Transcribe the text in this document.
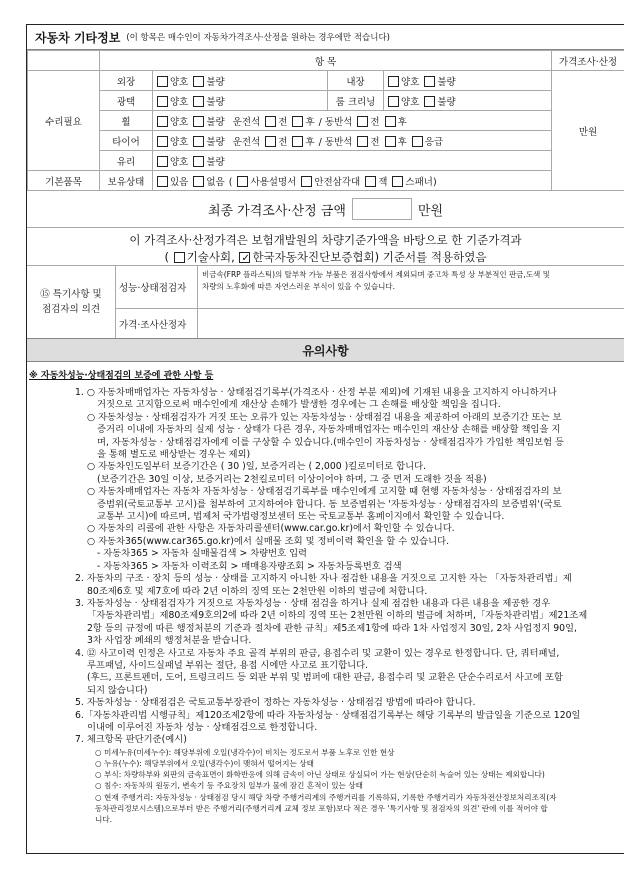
자동차 기타정보 (이 항목은 매수인이 자동차가격조사·산정을 원하는 경우에만 적습니다)
	항 목				가격조사·산정	
수리필요	외장	양호 불량	내장	양호 불량	만원	
	광택	양호 불량	룸 크리닝	양호 불량		
	휠	양호 불량 운전석 전 후 / 동반석 전 후				
	타이어	양호 불량 운전석 전 후 / 동반석 전 후 응급				
	유리	양호 불량				
기본품목	보유상태	있음 없음 ( 사용설명서 안전삼각대 잭 스패너)				
최종 가격조사·산정 금액	만원
이 가격조사·산정가격은 보험개발원의 차량기준가액을 바탕으로 한 기준가격과
( 기술사회, ✓ 한국자동차진단보증협회) 기준서를 적용하였음
⑮ 특기사항 및
점검자의 의견
성능·상태점검자
비금속(FRP 플라스틱)의 탈부착 가능 부품은 점검사항에서 제외되며 중고차 특성 상 부분적인 판금,도색 및
차량의 노후화에 따른 자연스러운 부식이 있을 수 있습니다.
가격·조사산정자
유의사항
※ 자동차성능·상태점검의 보증에 관한 사항 등
1. ○ 자동차매매업자는 자동차성능 · 상태점검기록부(가격조사 · 산정 부분 제외)에 기재된 내용을 고지하지 아니하거나
거짓으로 고지함으로써 매수인에게 재산상 손해가 발생한 경우에는 그 손해를 배상할 책임을 집니다.
○ 자동차성능 · 상태점검자가 거짓 또는 오류가 있는 자동차성능 · 상태점검 내용을 제공하여 아래의 보증기간 또는 보
증거리 이내에 자동차의 실제 성능 · 상태가 다른 경우, 자동차매매업자는 매수인의 재산상 손해를 배상할 책임을 지
며, 자동차성능 · 상태점검자에게 이를 구상할 수 있습니다.(매수인이 자동차성능 · 상태점검자가 가입한 책임보험 등
을 통해 별도로 배상받는 경우는 제외)
○ 자동차인도일부터 보증기간은 ( 30 )일, 보증거리는 ( 2,000 )킬로미터로 합니다.
(보증기간은 30일 이상, 보증거리는 2천킬로미터 이상이어야 하며, 그 중 먼저 도래한 것을 적용)
○ 자동차매매업자는 자동차 자동차성능 · 상태점검기록부를 매수인에게 고지할 때 현행 자동차성능 · 상태점검자의 보
증범위(국토교통부 고시)를 첨부하여 고지하여야 합니다. 동 보증범위는 '자동차성능 · 상태점검자의 보증범위'(국토
교통부 고시)에 따르며, 법제처 국가법령정보센터 또는 국토교통부 홈페이지에서 확인할 수 있습니다.
○ 자동차의 리콜에 관한 사항은 자동차리콜센터(www.car.go.kr)에서 확인할 수 있습니다.
○ 자동차365(www.car365.go.kr)에서 실매물 조회 및 정비이력 확인을 할 수 있습니다.
- 자동차365 > 자동차 실매물검색 > 차량번호 입력
- 자동차365 > 자동차 이력조회 > 매매용자량조회 > 자동차등록번호 검색
2. 자동차의 구조 · 장치 등의 성능 · 상태를 고지하지 아니한 자나 점검한 내용을 거짓으로 고지한 자는 「자동차관리법」제
80조제6호 및 제7호에 따라 2년 이하의 징역 또는 2천만원 이하의 벌금에 처합니다.
3. 자동차성능 · 상태점검자가 거짓으로 자동차성능 · 상태 점검을 하거나 실제 점검한 내용과 다른 내용을 제공한 경우
「자동차관리법」제80조제9호의2에 따라 2년 이하의 징역 또는 2천만원 이하의 벌금에 처하며,「자동차관리법」제21조제
2항 등의 규정에 따른 행정처분의 기준과 절차에 관한 규칙」제5조제1항에 따라 1차 사업정지 30일, 2차 사업정지 90일,
3차 사업장 폐쇄의 행정처분을 받습니다.
4. ⑫ 사고이력 인정은 사고로 자동차 주요 골격 부위의 판금, 용접수리 및 교환이 있는 경우로 한정합니다. 단, 쿼터패널,
루프패널, 사이드실패널 부위는 절단, 용접 시에만 사고로 표기합니다.
(후드, 프론트펜더, 도어, 트렁크리드 등 외판 부위 및 범퍼에 대한 판금, 용접수리 및 교환은 단순수리로서 사고에 포함
되지 않습니다)
5. 자동차성능 · 상태점검은 국토교통부장관이 정하는 자동차성능 · 상태점검 방법에 따라야 합니다.
6.「자동차관리법 시행규칙」제120조제2항에 따라 자동차성능 · 상태점검기록부는 해당 기록부의 발급일을 기준으로 120일
이내에 이루어진 자동차 성능 · 상태점검으로 한정합니다.
7. 체크항목 판단기준(예시)
○ 미세누유(미세누수): 해당부위에 오일(냉각수)이 비치는 정도로서 부품 노후로 인한 현상
○ 누유(누수): 해당부위에서 오일(냉각수)이 맺혀서 떨어지는 상태
○ 부식: 차량하부와 외판의 금속표면이 화학반응에 의해 금속이 아닌 상태로 상실되어 가는 현상(단순히 녹슬어 있는 상태는 제외합니다)
○ 침수: 자동차의 원동기, 변속기 등 주요장치 일부가 물에 잠긴 흔적이 있는 상태
○ 현재 주행거리: 자동차성능 · 상태점검 당시 해당 차량 주행거리계의 주행거리를 기록하되, 기록한 주행거리가 자동차전산정보처리조직(자
동차관리정보시스템)으로부터 받은 주행거리(주행거리계 교체 정보 포함)보다 적은 경우 '특기사항 및 점검자의 의견' 란에 이를 적어야 합
니다.
